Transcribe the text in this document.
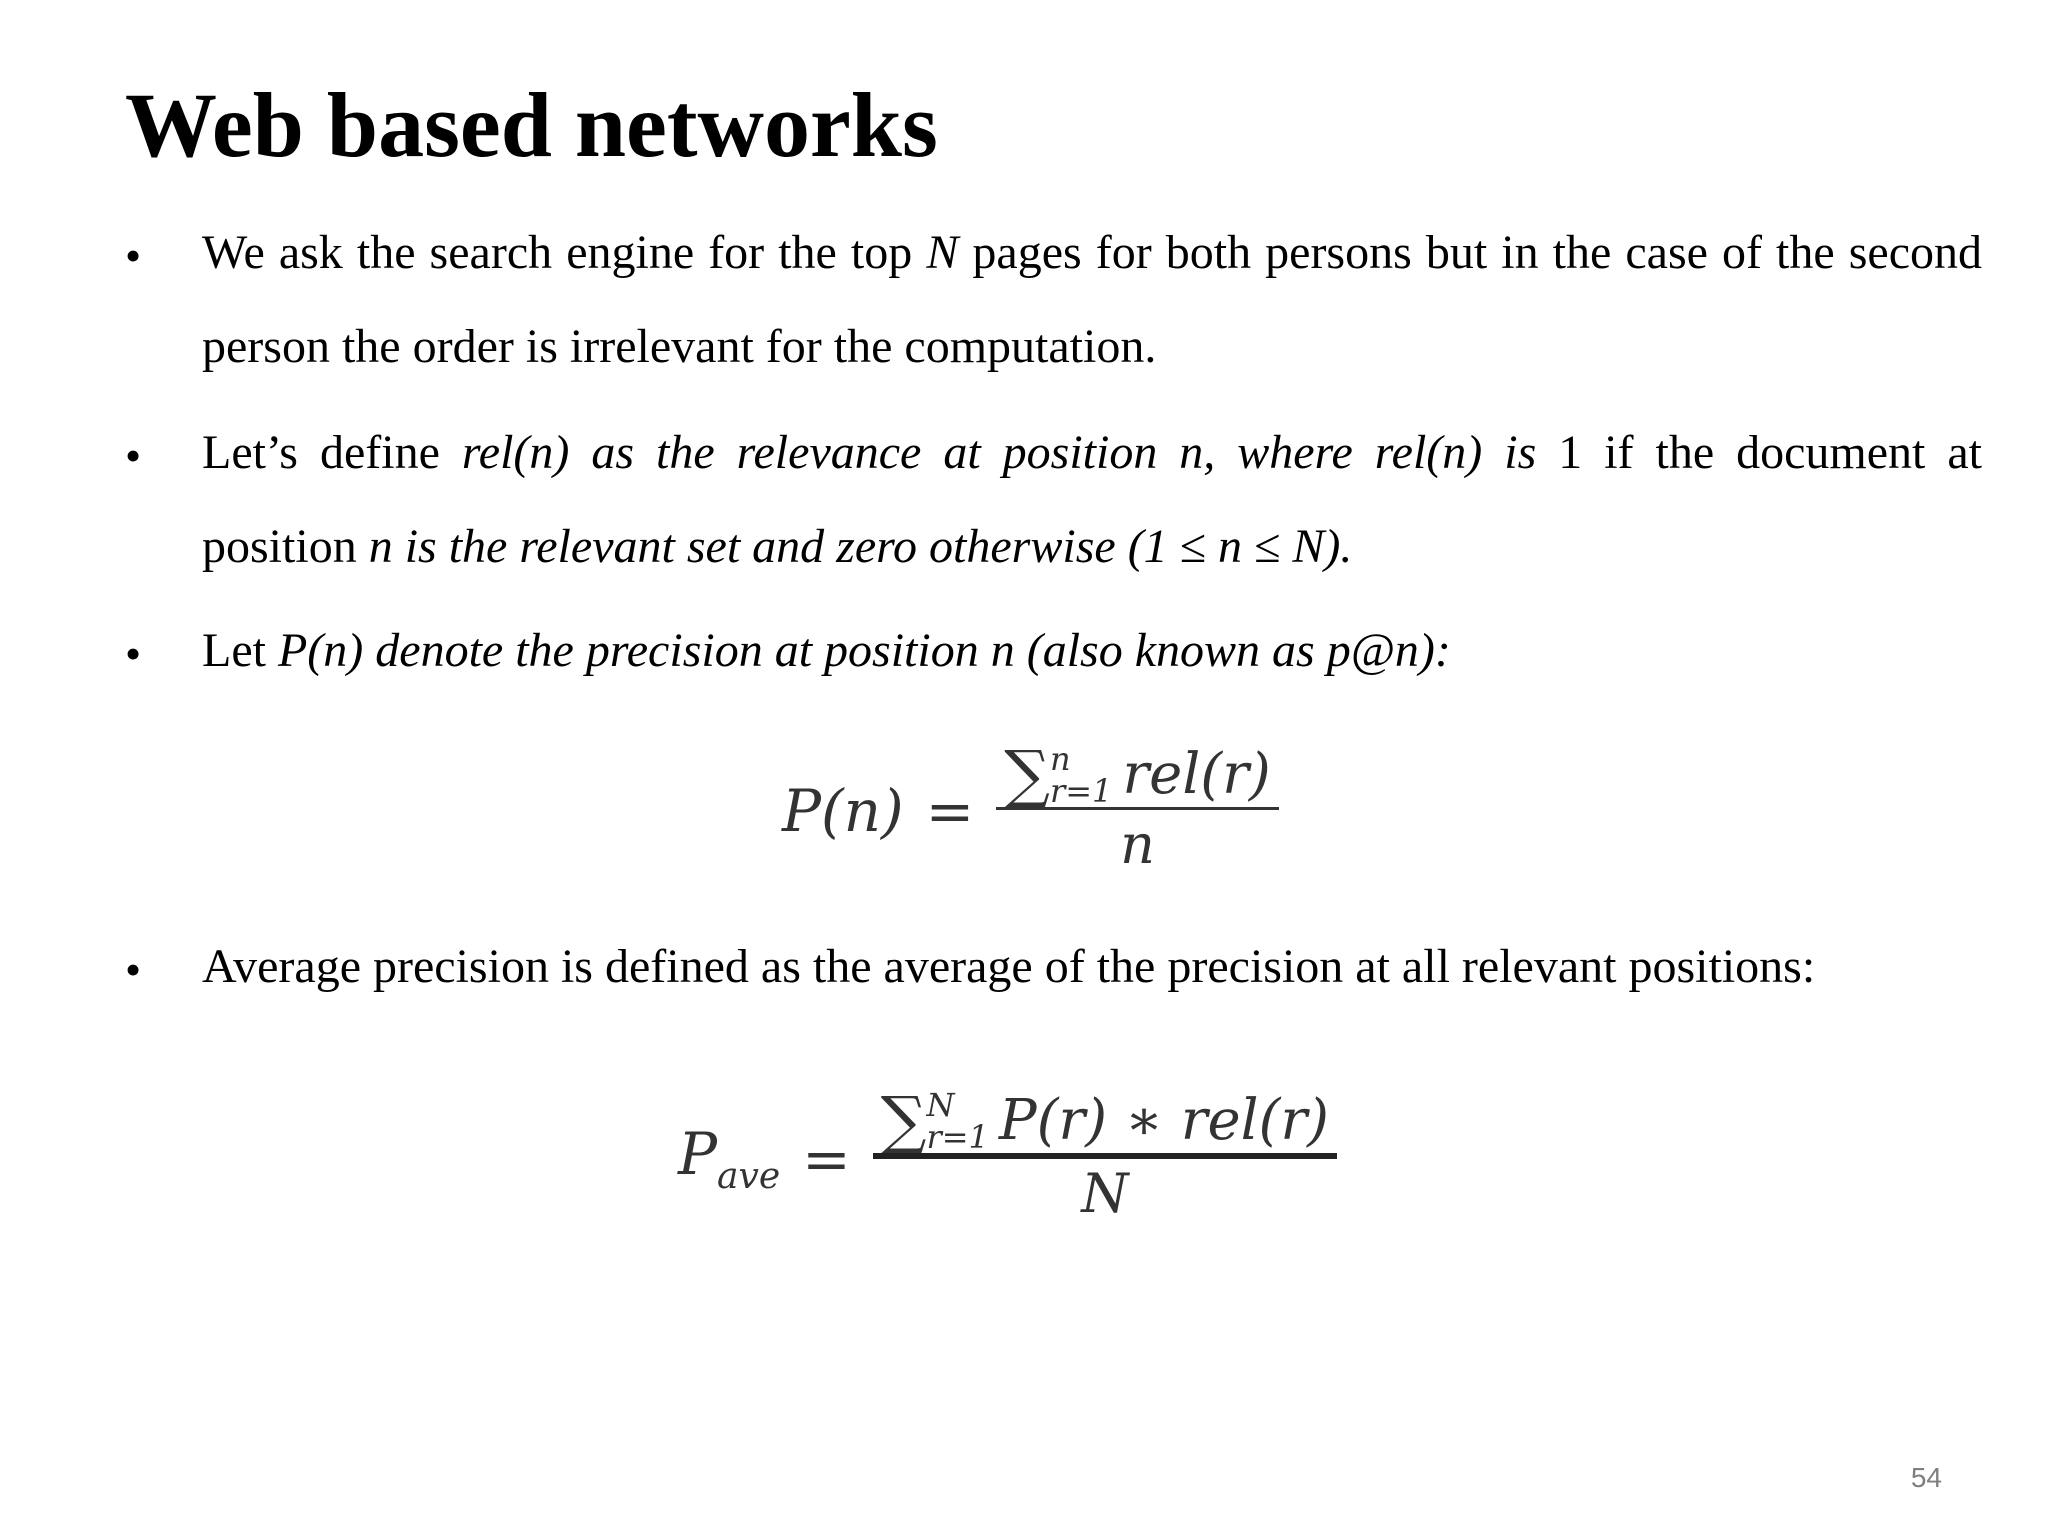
Web based networks
• We ask the search engine for the top N pages for both persons but in the case of the second person the order is irrelevant for the computation.

• Let’s define rel(n) as the relevance at position n, where rel(n) is 1 if the document at position n is the relevant set and zero otherwise (1 ≤ n ≤ N).

• Let P(n) denote the precision at position n (also known as p@n):

P(n) = ∑ n
r=1 rel(r)
n
• Average precision is defined as the average of the precision at all relevant positions:

$P_{ave}$ =
∑ N
r=1 P(r) ∗ rel(r)
N
54
